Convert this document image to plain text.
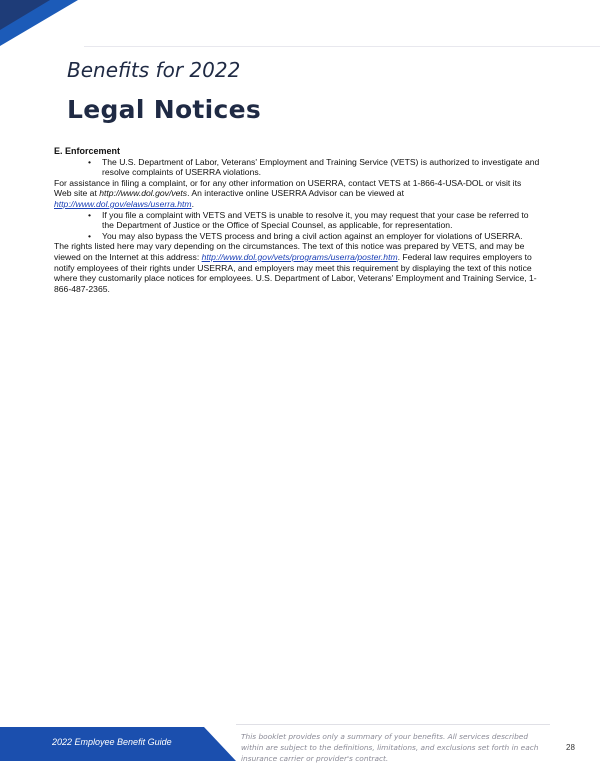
Benefits for 2022
Legal Notices

E. Enforcement

• The U.S. Department of Labor, Veterans' Employment and Training Service (VETS) is authorized to investigate and resolve complaints of USERRA violations.

For assistance in filing a complaint, or for any other information on USERRA, contact VETS at 1-866-4-USA-DOL or visit its Web site at http://www.dol.gov/vets. An interactive online USERRA Advisor can be viewed at http://www.dol.gov/elaws/userra.htm.

• If you file a complaint with VETS and VETS is unable to resolve it, you may request that your case be referred to the Department of Justice or the Office of Special Counsel, as applicable, for representation.

• You may also bypass the VETS process and bring a civil action against an employer for violations of USERRA.

The rights listed here may vary depending on the circumstances. The text of this notice was prepared by VETS, and may be viewed on the Internet at this address: http://www.dol.gov/vets/programs/userra/poster.htm. Federal law requires employers to notify employees of their rights under USERRA, and employers may meet this requirement by displaying the text of this notice where they customarily place notices for employees. U.S. Department of Labor, Veterans' Employment and Training Service, 1-866-487-2365.

2022 Employee Benefit Guide
This booklet provides only a summary of your benefits. All services described within are subject to the definitions, limitations, and exclusions set forth in each insurance carrier or provider's contract.
28
